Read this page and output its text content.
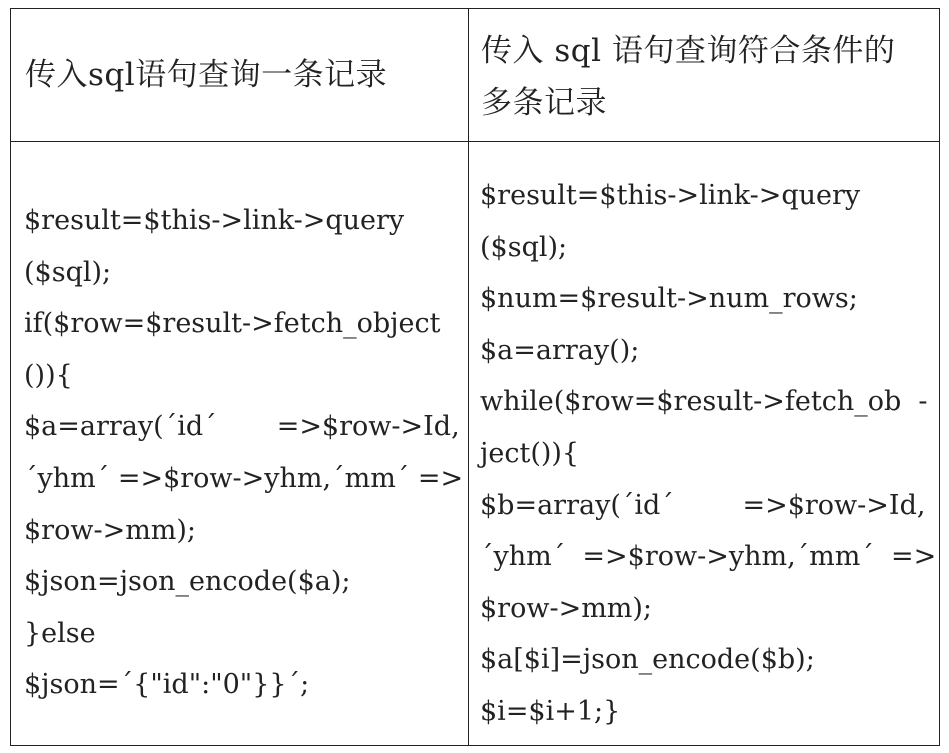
传入sql语句查询一条记录
传入 sql 语句查询符合条件的
多条记录
$result=$this->link->query
($sql);
if($row=$result->fetch_object
()){
$a=array(´id´       =>$row->Id,
´yhm´ =>$row->yhm,´mm´ =>
$row->mm);
$json=json_encode($a);
}else
$json=´{"id":"0"}}´;
$result=$this->link->query
($sql);
$num=$result->num_rows;
$a=array();
while($row=$result->fetch_ob  -
ject()){
$b=array(´id´        =>$row->Id,
´yhm´  =>$row->yhm,´mm´  =>
$row->mm);
$a[$i]=json_encode($b);
$i=$i+1;}
